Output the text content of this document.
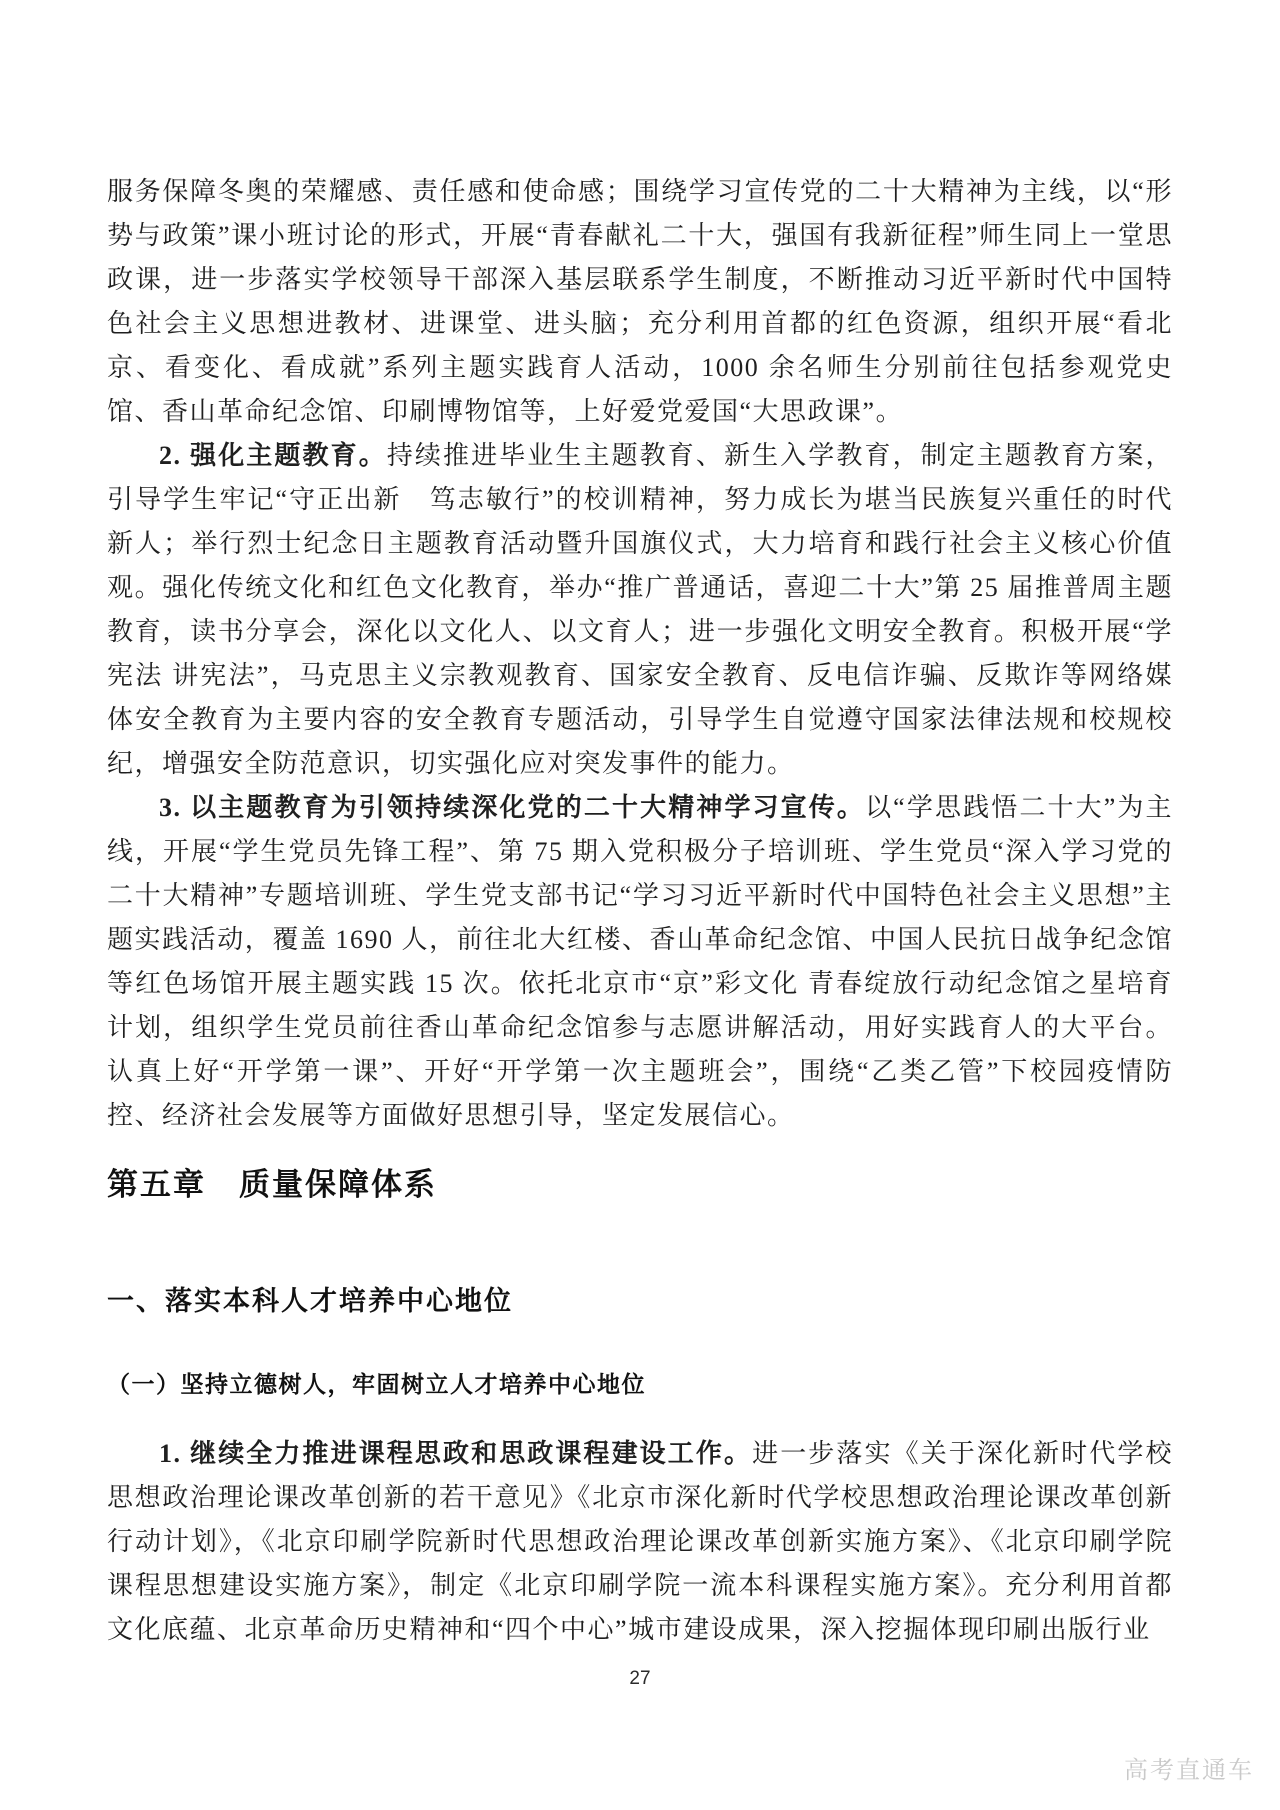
服务保障冬奥的荣耀感、责任感和使命感；围绕学习宣传党的二十大精神为主线，以“形势与政策”课小班讨论的形式，开展“青春献礼二十大，强国有我新征程”师生同上一堂思政课，进一步落实学校领导干部深入基层联系学生制度，不断推动习近平新时代中国特色社会主义思想进教材、进课堂、进头脑；充分利用首都的红色资源，组织开展“看北京、看变化、看成就”系列主题实践育人活动，1000 余名师生分别前往包括参观党史馆、香山革命纪念馆、印刷博物馆等，上好爱党爱国“大思政课”。

2. 强化主题教育。持续推进毕业生主题教育、新生入学教育，制定主题教育方案，引导学生牢记“守正出新　笃志敏行”的校训精神，努力成长为堪当民族复兴重任的时代新人；举行烈士纪念日主题教育活动暨升国旗仪式，大力培育和践行社会主义核心价值观。强化传统文化和红色文化教育，举办“推广普通话，喜迎二十大”第 25 届推普周主题教育，读书分享会，深化以文化人、以文育人；进一步强化文明安全教育。积极开展“学宪法 讲宪法”，马克思主义宗教观教育、国家安全教育、反电信诈骗、反欺诈等网络媒体安全教育为主要内容的安全教育专题活动，引导学生自觉遵守国家法律法规和校规校纪，增强安全防范意识，切实强化应对突发事件的能力。

3. 以主题教育为引领持续深化党的二十大精神学习宣传。以“学思践悟二十大”为主线，开展“学生党员先锋工程”、第 75 期入党积极分子培训班、学生党员“深入学习党的二十大精神”专题培训班、学生党支部书记“学习习近平新时代中国特色社会主义思想”主题实践活动，覆盖 1690 人，前往北大红楼、香山革命纪念馆、中国人民抗日战争纪念馆等红色场馆开展主题实践 15 次。依托北京市“京”彩文化 青春绽放行动纪念馆之星培育计划，组织学生党员前往香山革命纪念馆参与志愿讲解活动，用好实践育人的大平台。认真上好“开学第一课”、开好“开学第一次主题班会”，围绕“乙类乙管”下校园疫情防控、经济社会发展等方面做好思想引导，坚定发展信心。

第五章　质量保障体系
一、落实本科人才培养中心地位
（一）坚持立德树人，牢固树立人才培养中心地位

1. 继续全力推进课程思政和思政课程建设工作。进一步落实《关于深化新时代学校思想政治理论课改革创新的若干意见》《北京市深化新时代学校思想政治理论课改革创新行动计划》，《北京印刷学院新时代思想政治理论课改革创新实施方案》、《北京印刷学院课程思想建设实施方案》，制定《北京印刷学院一流本科课程实施方案》。充分利用首都文化底蕴、北京革命历史精神和“四个中心”城市建设成果，深入挖掘体现印刷出版行业

27
高考直通车
